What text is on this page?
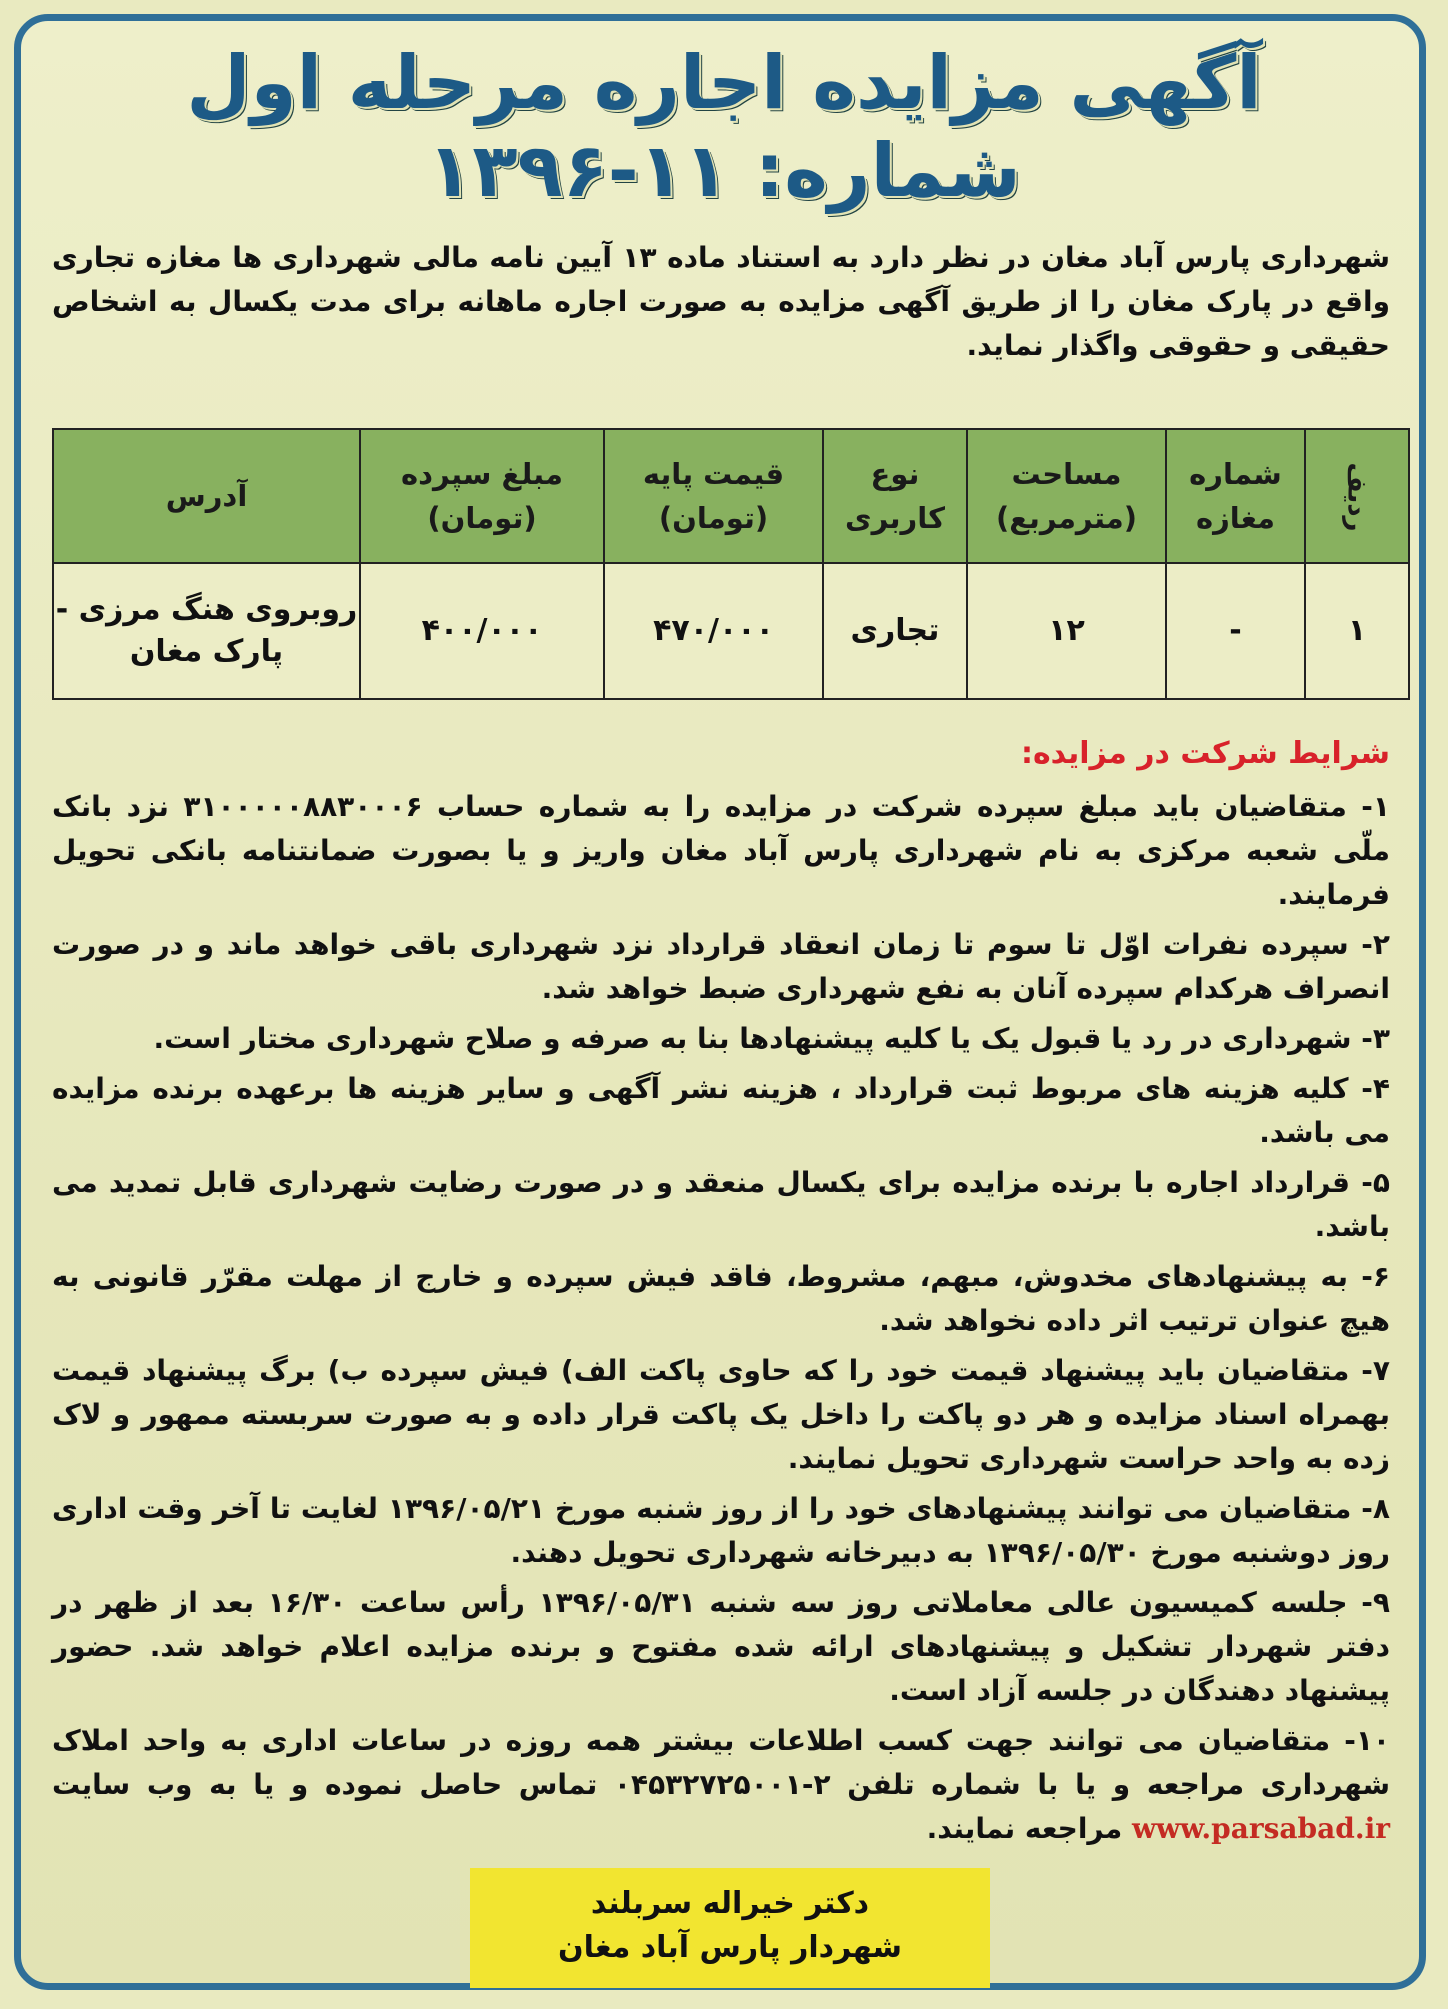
آگهی مزایده اجاره مرحله اول
شماره: ۱۱-۱۳۹۶
شهرداری پارس آباد مغان در نظر دارد به استناد ماده ۱۳ آیین نامه مالی شهرداری ها مغازه تجاری واقع در پارک مغان را از طریق آگهی مزایده به صورت اجاره ماهانه برای مدت یکسال به اشخاص حقیقی و حقوقی واگذار نماید.
ردیف	شماره مغازه	مساحت (مترمربع)	نوع کاربری	قیمت پایه (تومان)	مبلغ سپرده (تومان)	آدرس
۱	-	۱۲	تجاری	۴۷۰/۰۰۰	۴۰۰/۰۰۰	روبروی هنگ مرزی - پارک مغان
شرایط شرکت در مزایده:

۱- متقاضیان باید مبلغ سپرده شرکت در مزایده را به شماره حساب ۳۱۰۰۰۰۰۸۸۳۰۰۰۶ نزد بانک ملّی شعبه مرکزی به نام شهرداری پارس آباد مغان واریز و یا بصورت ضمانتنامه بانکی تحویل فرمایند.

۲- سپرده نفرات اوّل تا سوم تا زمان انعقاد قرارداد نزد شهرداری باقی خواهد ماند و در صورت انصراف هرکدام سپرده آنان به نفع شهرداری ضبط خواهد شد.

۳- شهرداری در رد یا قبول یک یا کلیه پیشنهادها بنا به صرفه و صلاح شهرداری مختار است.

۴- کلیه هزینه های مربوط ثبت قرارداد ، هزینه نشر آگهی و سایر هزینه ها برعهده برنده مزایده می باشد.

۵- قرارداد اجاره با برنده مزایده برای یکسال منعقد و در صورت رضایت شهرداری قابل تمدید می باشد.

۶- به پیشنهادهای مخدوش، مبهم، مشروط، فاقد فیش سپرده و خارج از مهلت مقرّر قانونی به هیچ عنوان ترتیب اثر داده نخواهد شد.

۷- متقاضیان باید پیشنهاد قیمت خود را که حاوی پاکت الف) فیش سپرده ب) برگ پیشنهاد قیمت بهمراه اسناد مزایده و هر دو پاکت را داخل یک پاکت قرار داده و به صورت سربسته ممهور و لاک زده به واحد حراست شهرداری تحویل نمایند.

۸- متقاضیان می توانند پیشنهادهای خود را از روز شنبه مورخ ۱۳۹۶/۰۵/۲۱ لغایت تا آخر وقت اداری روز دوشنبه مورخ ۱۳۹۶/۰۵/۳۰ به دبیرخانه شهرداری تحویل دهند.

۹- جلسه کمیسیون عالی معاملاتی روز سه شنبه ۱۳۹۶/۰۵/۳۱ رأس ساعت ۱۶/۳۰ بعد از ظهر در دفتر شهردار تشکیل و پیشنهادهای ارائه شده مفتوح و برنده مزایده اعلام خواهد شد. حضور پیشنهاد دهندگان در جلسه آزاد است.

۱۰- متقاضیان می توانند جهت کسب اطلاعات بیشتر همه روزه در ساعات اداری به واحد املاک شهرداری مراجعه و یا با شماره تلفن ۲-۰۴۵۳۲۷۲۵۰۰۱ تماس حاصل نموده و یا به وب سایت www.parsabad.ir مراجعه نمایند.

دکتر خیراله سربلند
شهردار پارس آباد مغان
